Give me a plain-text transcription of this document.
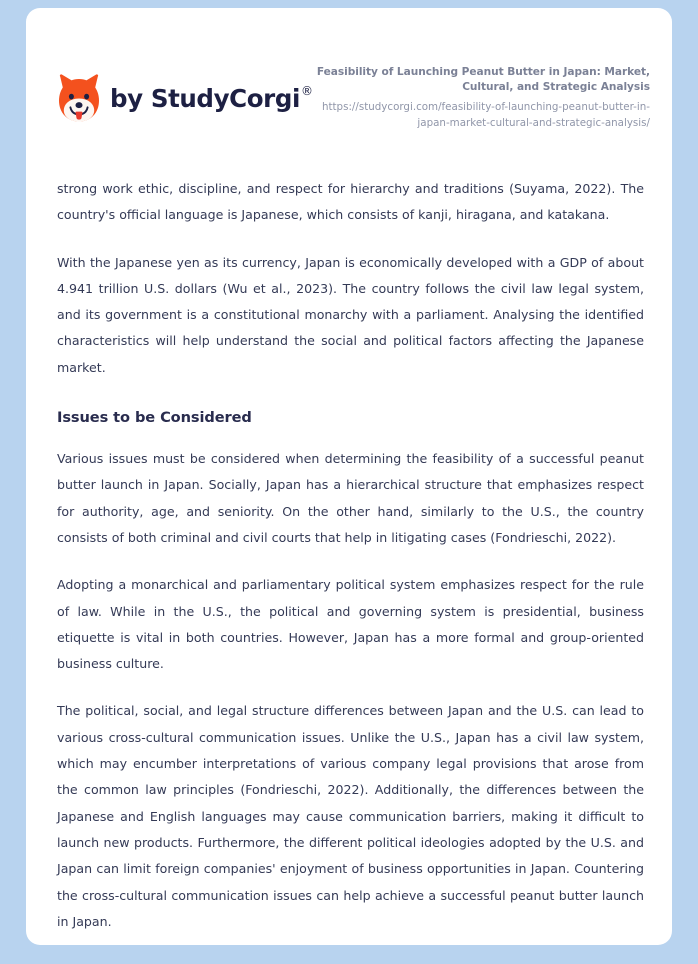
by StudyCorgi®
Feasibility of Launching Peanut Butter in Japan: Market, Cultural, and Strategic Analysis
https://studycorgi.com/feasibility-of-launching-peanut-butter-in-japan-market-cultural-and-strategic-analysis/

strong work ethic, discipline, and respect for hierarchy and traditions (Suyama, 2022). The country's official language is Japanese, which consists of kanji, hiragana, and katakana.

With the Japanese yen as its currency, Japan is economically developed with a GDP of about 4.941 trillion U.S. dollars (Wu et al., 2023). The country follows the civil law legal system, and its government is a constitutional monarchy with a parliament. Analysing the identified characteristics will help understand the social and political factors affecting the Japanese market.

Issues to be Considered

Various issues must be considered when determining the feasibility of a successful peanut butter launch in Japan. Socially, Japan has a hierarchical structure that emphasizes respect for authority, age, and seniority. On the other hand, similarly to the U.S., the country consists of both criminal and civil courts that help in litigating cases (Fondrieschi, 2022).

Adopting a monarchical and parliamentary political system emphasizes respect for the rule of law. While in the U.S., the political and governing system is presidential, business etiquette is vital in both countries. However, Japan has a more formal and group-oriented business culture.

The political, social, and legal structure differences between Japan and the U.S. can lead to various cross-cultural communication issues. Unlike the U.S., Japan has a civil law system, which may encumber interpretations of various company legal provisions that arose from the common law principles (Fondrieschi, 2022). Additionally, the differences between the Japanese and English languages may cause communication barriers, making it difficult to launch new products. Furthermore, the different political ideologies adopted by the U.S. and Japan can limit foreign companies' enjoyment of business opportunities in Japan. Countering the cross-cultural communication issues can help achieve a successful peanut butter launch in Japan.
